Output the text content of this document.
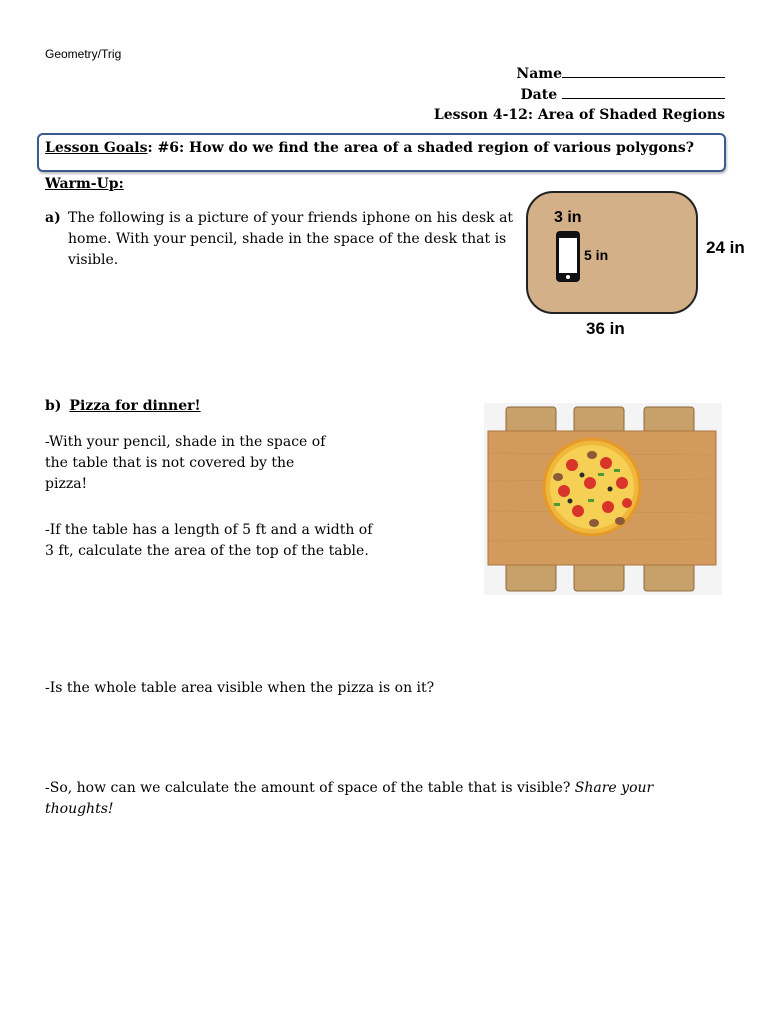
Geometry/Trig
Name
Date
Lesson 4-12: Area of Shaded Regions
Lesson Goals: #6: How do we find the area of a shaded region of various polygons?
Warm-Up:
a) The following is a picture of your friends iphone on his desk at home. With your pencil, shade in the space of the desk that is visible.
3 in
5 in	24 in
36 in
b) Pizza for dinner!
-With your pencil, shade in the space of the table that is not covered by the pizza!
-If the table has a length of 5 ft and a width of 3 ft, calculate the area of the top of the table.
-Is the whole table area visible when the pizza is on it?
-So, how can we calculate the amount of space of the table that is visible? Share your thoughts!
